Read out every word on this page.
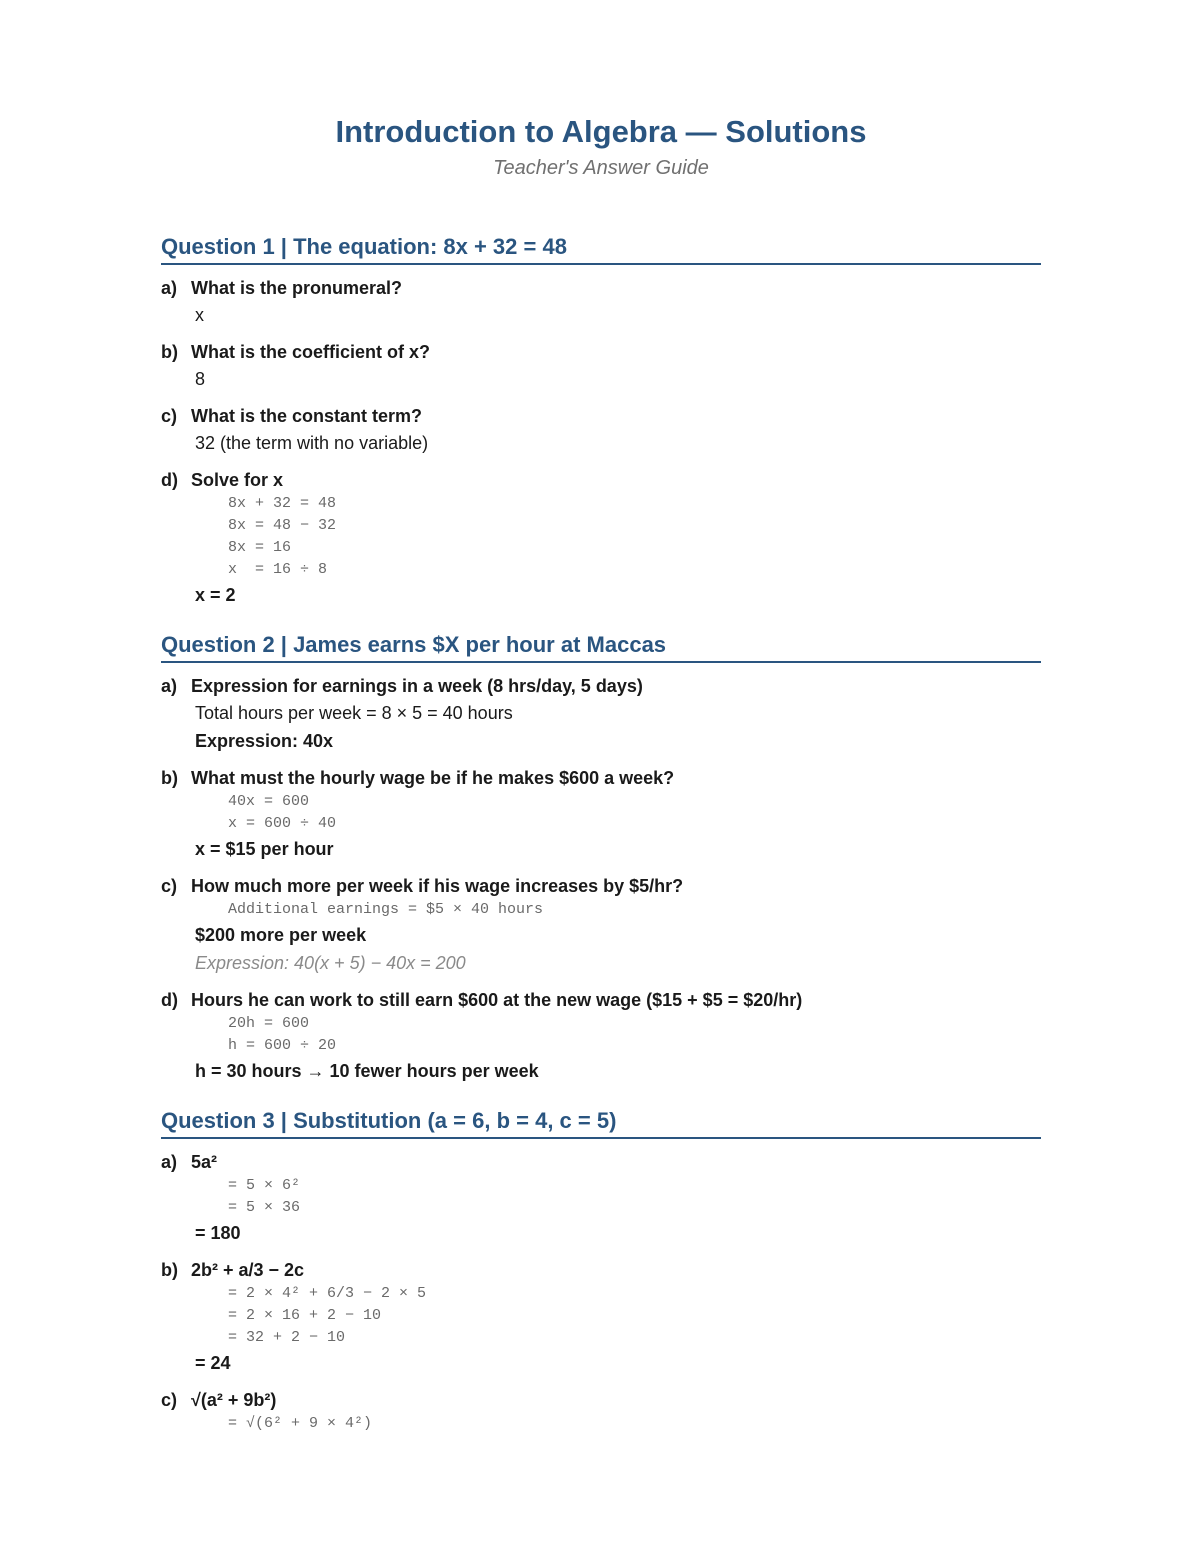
Introduction to Algebra — Solutions
Teacher's Answer Guide
Question 1 | The equation: 8x + 32 = 48
a) What is the pronumeral?
x
b) What is the coefficient of x?
8
c) What is the constant term?
32 (the term with no variable)
d) Solve for x
8x + 32 = 48
8x = 48 − 32
8x = 16
x  = 16 ÷ 8
x = 2
Question 2 | James earns $X per hour at Maccas
a) Expression for earnings in a week (8 hrs/day, 5 days)
Total hours per week = 8 × 5 = 40 hours
Expression: 40x
b) What must the hourly wage be if he makes $600 a week?
40x = 600
x = 600 ÷ 40
x = $15 per hour
c) How much more per week if his wage increases by $5/hr?
Additional earnings = $5 × 40 hours
$200 more per week
Expression: 40(x + 5) − 40x = 200
d) Hours he can work to still earn $600 at the new wage ($15 + $5 = $20/hr)
20h = 600
h = 600 ÷ 20
h = 30 hours → 10 fewer hours per week
Question 3 | Substitution (a = 6, b = 4, c = 5)
a) 5a²
= 5 × 6²
= 5 × 36
= 180
b) 2b² + a/3 − 2c
= 2 × 4² + 6/3 − 2 × 5
= 2 × 16 + 2 − 10
= 32 + 2 − 10
= 24
c) √(a² + 9b²)
= √(6² + 9 × 4²)
